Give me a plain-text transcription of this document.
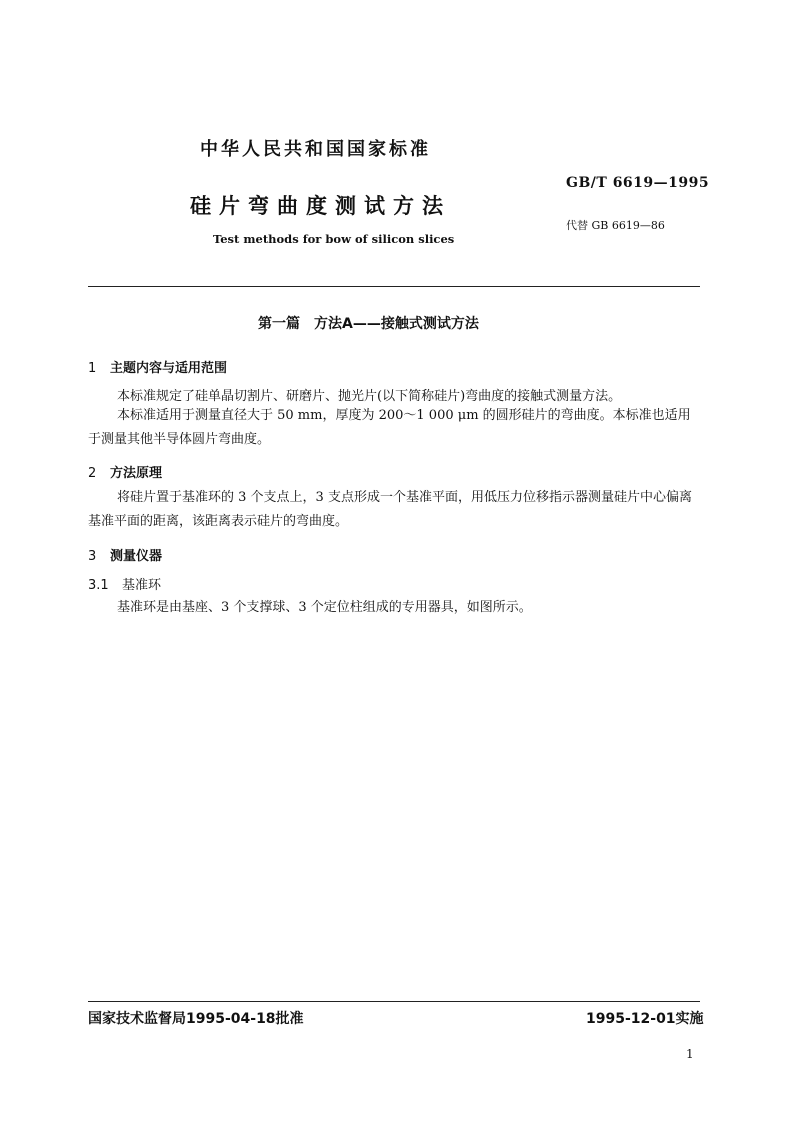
中华人民共和国国家标准
硅片弯曲度测试方法
Test methods for bow of silicon slices
GB/T 6619—1995
代替 GB 6619—86
第一篇　方法A——接触式测试方法
1 主题内容与适用范围
本标准规定了硅单晶切割片、研磨片、抛光片(以下简称硅片)弯曲度的接触式测量方法。
本标准适用于测量直径大于 50 mm，厚度为 200～1 000 μm 的圆形硅片的弯曲度。本标准也适用于测量其他半导体圆片弯曲度。
2 方法原理
将硅片置于基准环的 3 个支点上，3 支点形成一个基准平面，用低压力位移指示器测量硅片中心偏离基准平面的距离，该距离表示硅片的弯曲度。
3 测量仪器
3.1 基准环
基准环是由基座、3 个支撑球、3 个定位柱组成的专用器具，如图所示。
国家技术监督局1995-04-18批准	1995-12-01实施
1
